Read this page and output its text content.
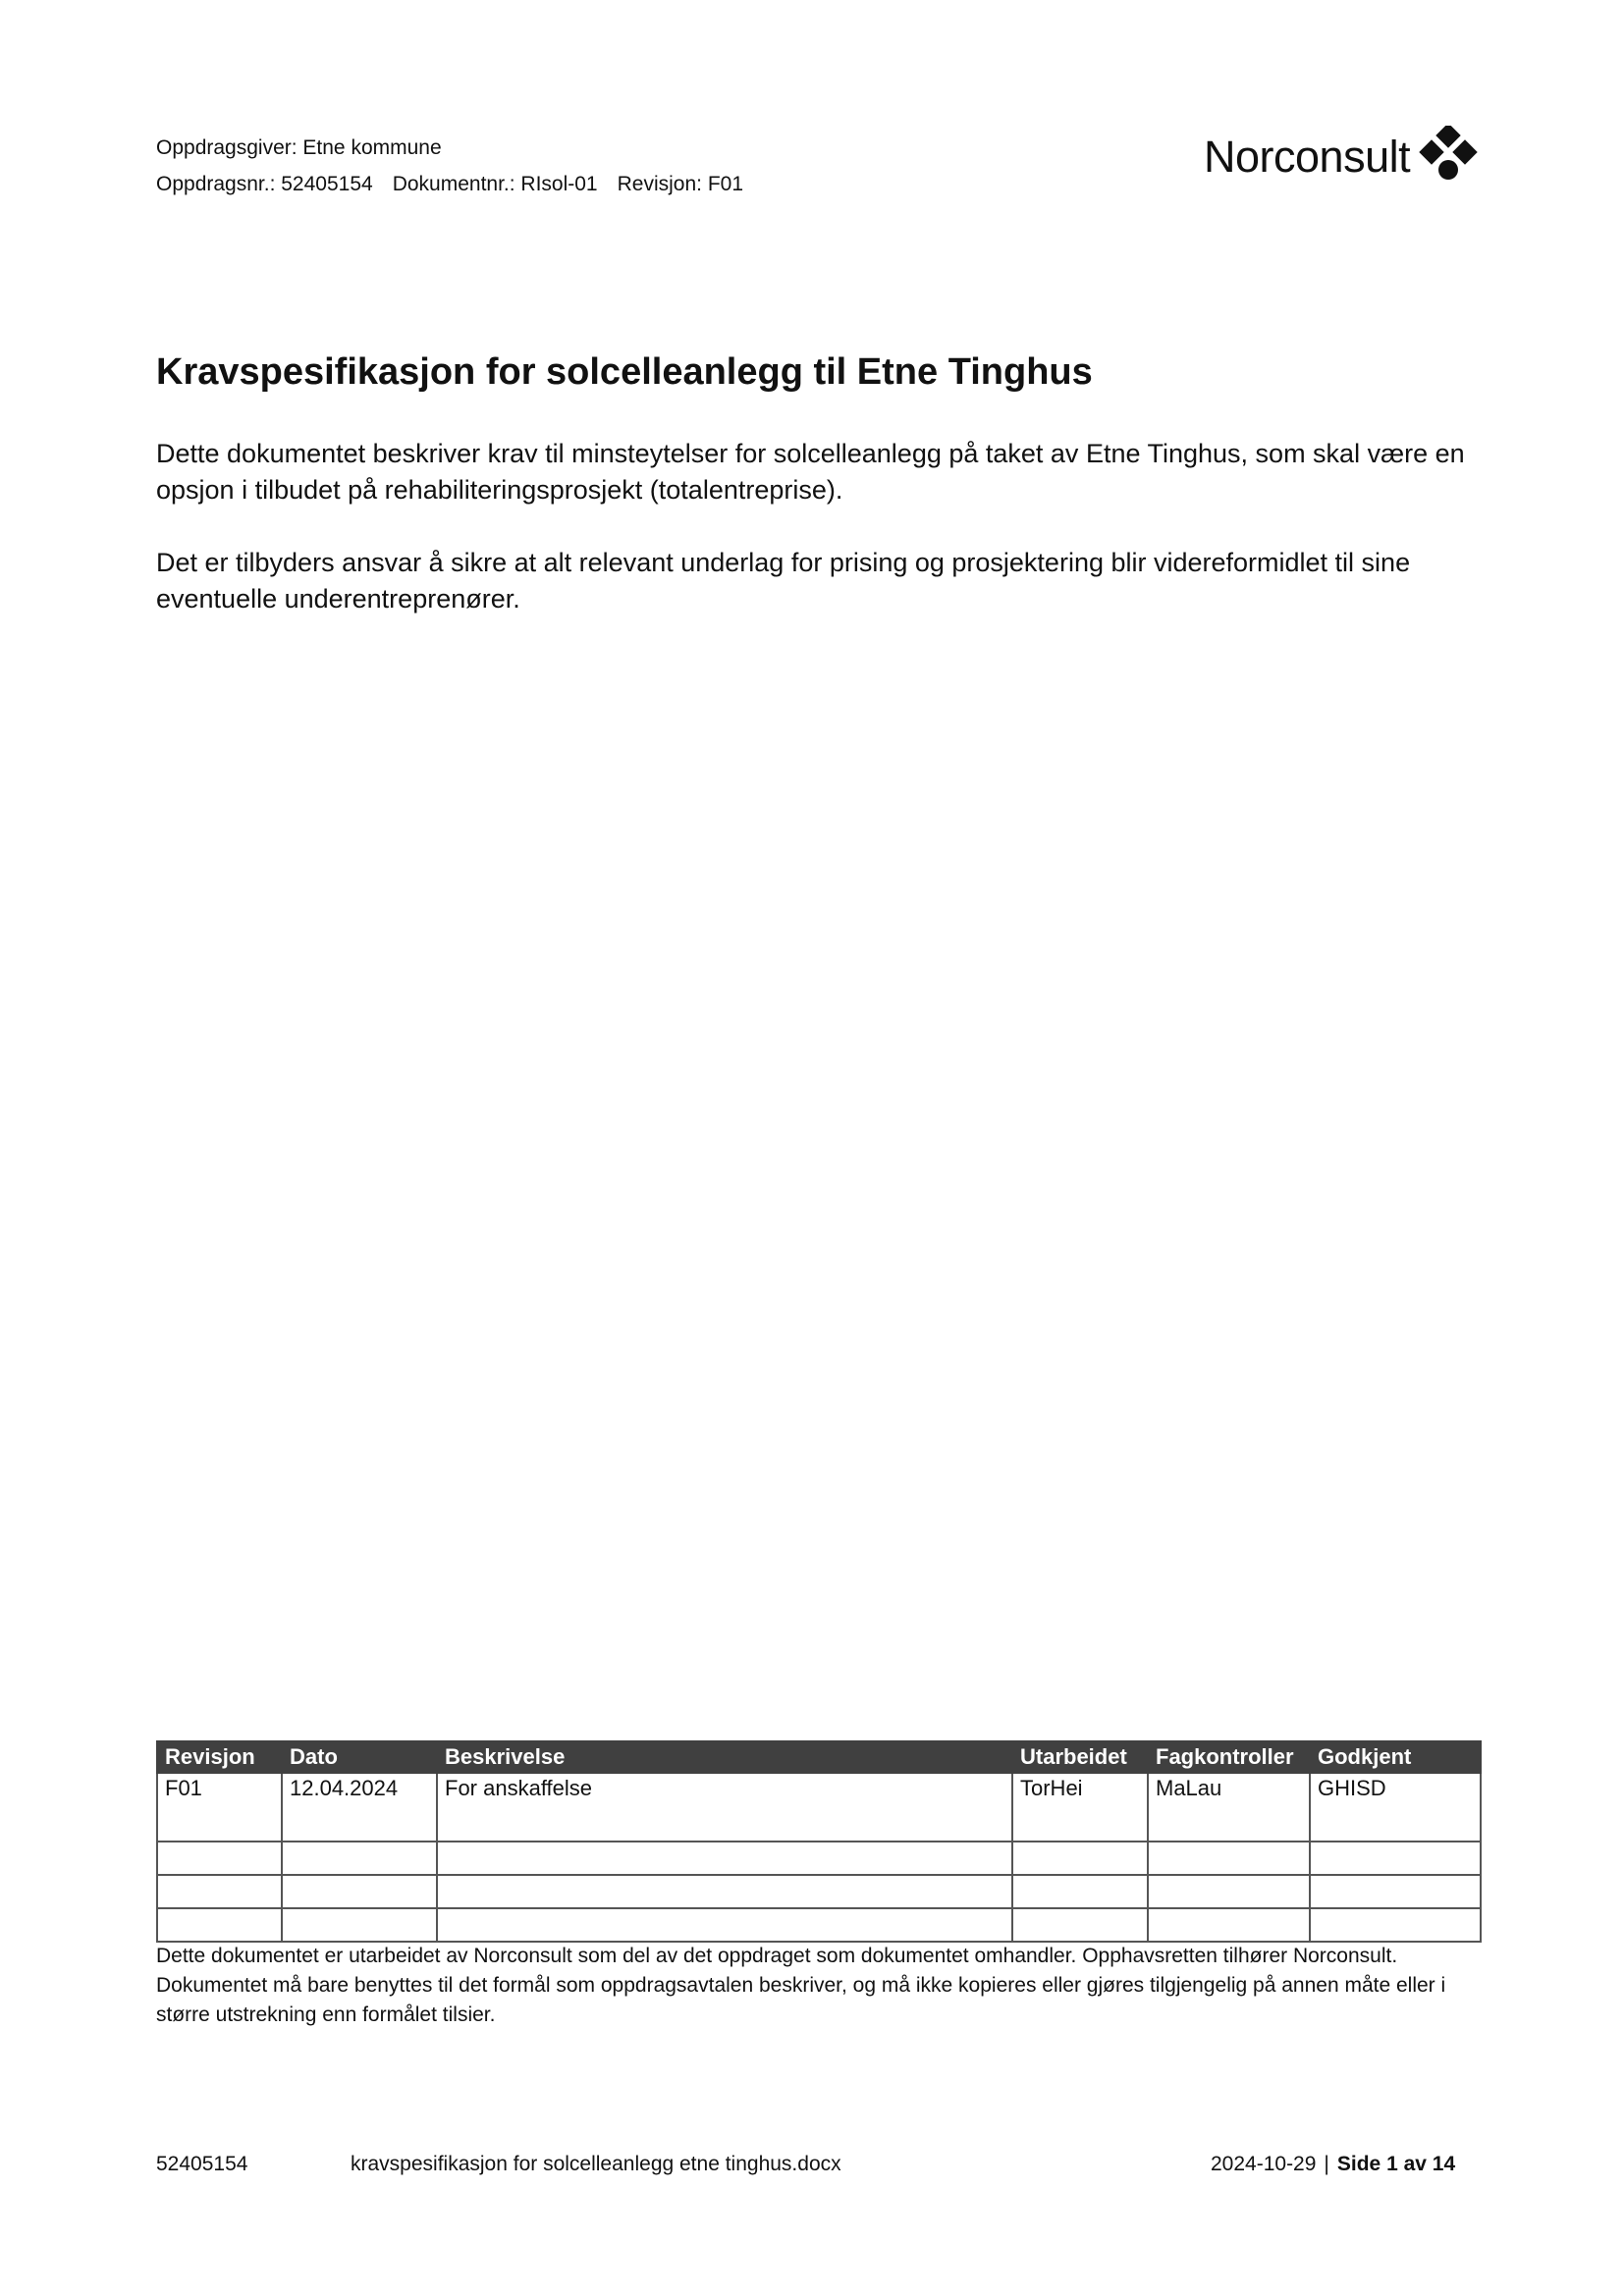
Oppdragsgiver: Etne kommune
Oppdragsnr.: 52405154 Dokumentnr.: RIsol-01 Revisjon: F01
Norconsult
Kravspesifikasjon for solcelleanlegg til Etne Tinghus

Dette dokumentet beskriver krav til minsteytelser for solcelleanlegg på taket av Etne Tinghus, som skal være en opsjon i tilbudet på rehabiliteringsprosjekt (totalentreprise).

Det er tilbyders ansvar å sikre at alt relevant underlag for prising og prosjektering blir videreformidlet til sine eventuelle underentreprenører.

Revisjon	Dato	Beskrivelse	Utarbeidet	Fagkontroller	Godkjent
F01	12.04.2024	For anskaffelse	TorHei	MaLau	GHISD

Dette dokumentet er utarbeidet av Norconsult som del av det oppdraget som dokumentet omhandler. Opphavsretten tilhører Norconsult. Dokumentet må bare benyttes til det formål som oppdragsavtalen beskriver, og må ikke kopieres eller gjøres tilgjengelig på annen måte eller i større utstrekning enn formålet tilsier.

52405154	kravspesifikasjon for solcelleanlegg etne tinghus.docx	2024-10-29 | Side 1 av 14
